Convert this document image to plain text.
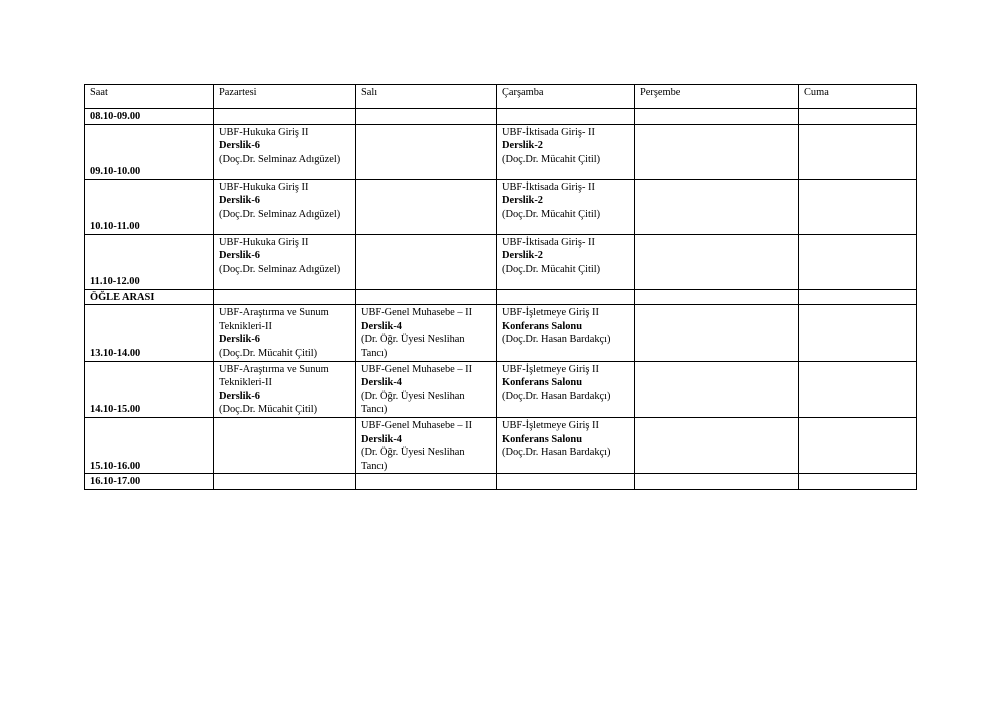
Saat	Pazartesi	Salı	Çarşamba	Perşembe	Cuma
08.10-09.00					
09.10-10.00	UBF-Hukuka Giriş II
Derslik-6
(Doç.Dr. Selminaz Adıgüzel)		UBF-İktisada Giriş- II
Derslik-2
(Doç.Dr. Mücahit Çitil)		

10.10-11.00	UBF-Hukuka Giriş II
Derslik-6
(Doç.Dr. Selminaz Adıgüzel)		UBF-İktisada Giriş- II
Derslik-2
(Doç.Dr. Mücahit Çitil)		

11.10-12.00	UBF-Hukuka Giriş II
Derslik-6
(Doç.Dr. Selminaz Adıgüzel)		UBF-İktisada Giriş- II
Derslik-2
(Doç.Dr. Mücahit Çitil)		

ÖĞLE ARASI					
13.10-14.00	UBF-Araştırma ve Sunum Teknikleri-II
Derslik-6
(Doç.Dr. Mücahit Çitil)	UBF-Genel Muhasebe – II
Derslik-4
(Dr. Öğr. Üyesi Neslihan Tancı)	UBF-İşletmeye Giriş II
Konferans Salonu
(Doç.Dr. Hasan Bardakçı)		

14.10-15.00	UBF-Araştırma ve Sunum Teknikleri-II
Derslik-6
(Doç.Dr. Mücahit Çitil)	UBF-Genel Muhasebe – II
Derslik-4
(Dr. Öğr. Üyesi Neslihan Tancı)	UBF-İşletmeye Giriş II
Konferans Salonu
(Doç.Dr. Hasan Bardakçı)		

15.10-16.00		UBF-Genel Muhasebe – II
Derslik-4
(Dr. Öğr. Üyesi Neslihan Tancı)	UBF-İşletmeye Giriş II
Konferans Salonu
(Doç.Dr. Hasan Bardakçı)		

16.10-17.00					
